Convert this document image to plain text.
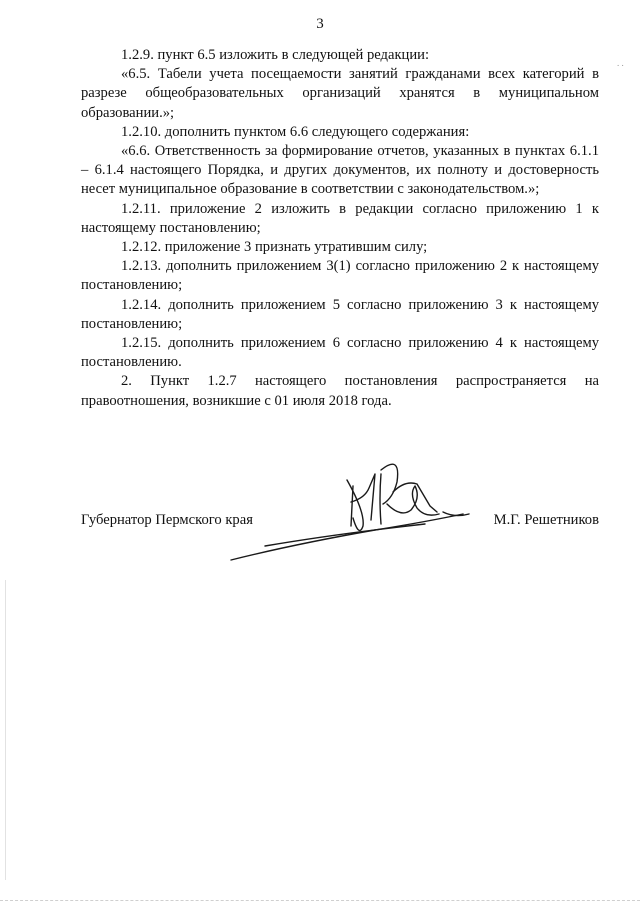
3
. .

1.2.9. пункт 6.5 изложить в следующей редакции:

«6.5. Табели учета посещаемости занятий гражданами всех категорий в разрезе общеобразовательных организаций хранятся в муниципальном образовании.»;

1.2.10. дополнить пунктом 6.6 следующего содержания:

«6.6. Ответственность за формирование отчетов, указанных в пунктах 6.1.1 – 6.1.4 настоящего Порядка, и других документов, их полноту и достоверность несет муниципальное образование в соответствии с законодательством.»;

1.2.11. приложение 2 изложить в редакции согласно приложению 1 к настоящему постановлению;

1.2.12. приложение 3 признать утратившим силу;

1.2.13. дополнить приложением 3(1) согласно приложению 2 к настоящему постановлению;

1.2.14. дополнить приложением 5 согласно приложению 3 к настоящему постановлению;

1.2.15. дополнить приложением 6 согласно приложению 4 к настоящему постановлению.

2. Пункт 1.2.7 настоящего постановления распространяется на правоотношения, возникшие с 01 июля 2018 года.

Губернатор Пермского края	М.Г. Решетников
